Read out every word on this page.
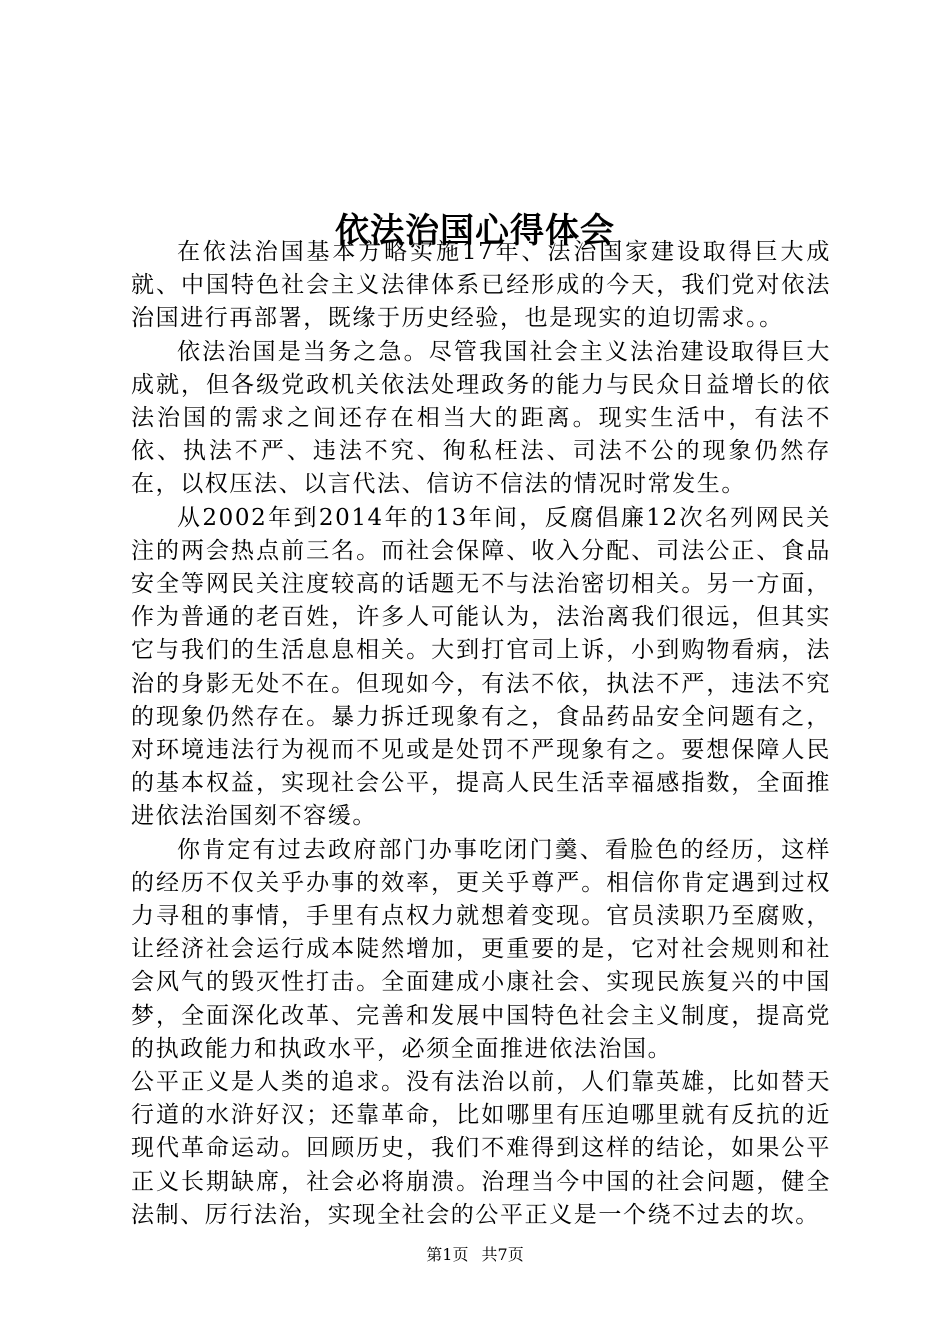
依法治国心得体会

在依法治国基本方略实施17年、法治国家建设取得巨大成就、中国特色社会主义法律体系已经形成的今天，我们党对依法治国进行再部署，既缘于历史经验，也是现实的迫切需求。。

依法治国是当务之急。尽管我国社会主义法治建设取得巨大成就，但各级党政机关依法处理政务的能力与民众日益增长的依法治国的需求之间还存在相当大的距离。现实生活中，有法不依、执法不严、违法不究、徇私枉法、司法不公的现象仍然存在，以权压法、以言代法、信访不信法的情况时常发生。

从2002年到2014年的13年间，反腐倡廉12次名列网民关注的两会热点前三名。而社会保障、收入分配、司法公正、食品安全等网民关注度较高的话题无不与法治密切相关。另一方面，作为普通的老百姓，许多人可能认为，法治离我们很远，但其实它与我们的生活息息相关。大到打官司上诉，小到购物看病，法治的身影无处不在。但现如今，有法不依，执法不严，违法不究的现象仍然存在。暴力拆迁现象有之，食品药品安全问题有之，对环境违法行为视而不见或是处罚不严现象有之。要想保障人民的基本权益，实现社会公平，提高人民生活幸福感指数，全面推进依法治国刻不容缓。

你肯定有过去政府部门办事吃闭门羹、看脸色的经历，这样的经历不仅关乎办事的效率，更关乎尊严。相信你肯定遇到过权力寻租的事情，手里有点权力就想着变现。官员渎职乃至腐败，让经济社会运行成本陡然增加，更重要的是，它对社会规则和社会风气的毁灭性打击。全面建成小康社会、实现民族复兴的中国梦，全面深化改革、完善和发展中国特色社会主义制度，提高党的执政能力和执政水平，必须全面推进依法治国。

公平正义是人类的追求。没有法治以前，人们靠英雄，比如替天行道的水浒好汉；还靠革命，比如哪里有压迫哪里就有反抗的近现代革命运动。回顾历史，我们不难得到这样的结论，如果公平正义长期缺席，社会必将崩溃。治理当今中国的社会问题，健全法制、厉行法治，实现全社会的公平正义是一个绕不过去的坎。

第1页 共7页
